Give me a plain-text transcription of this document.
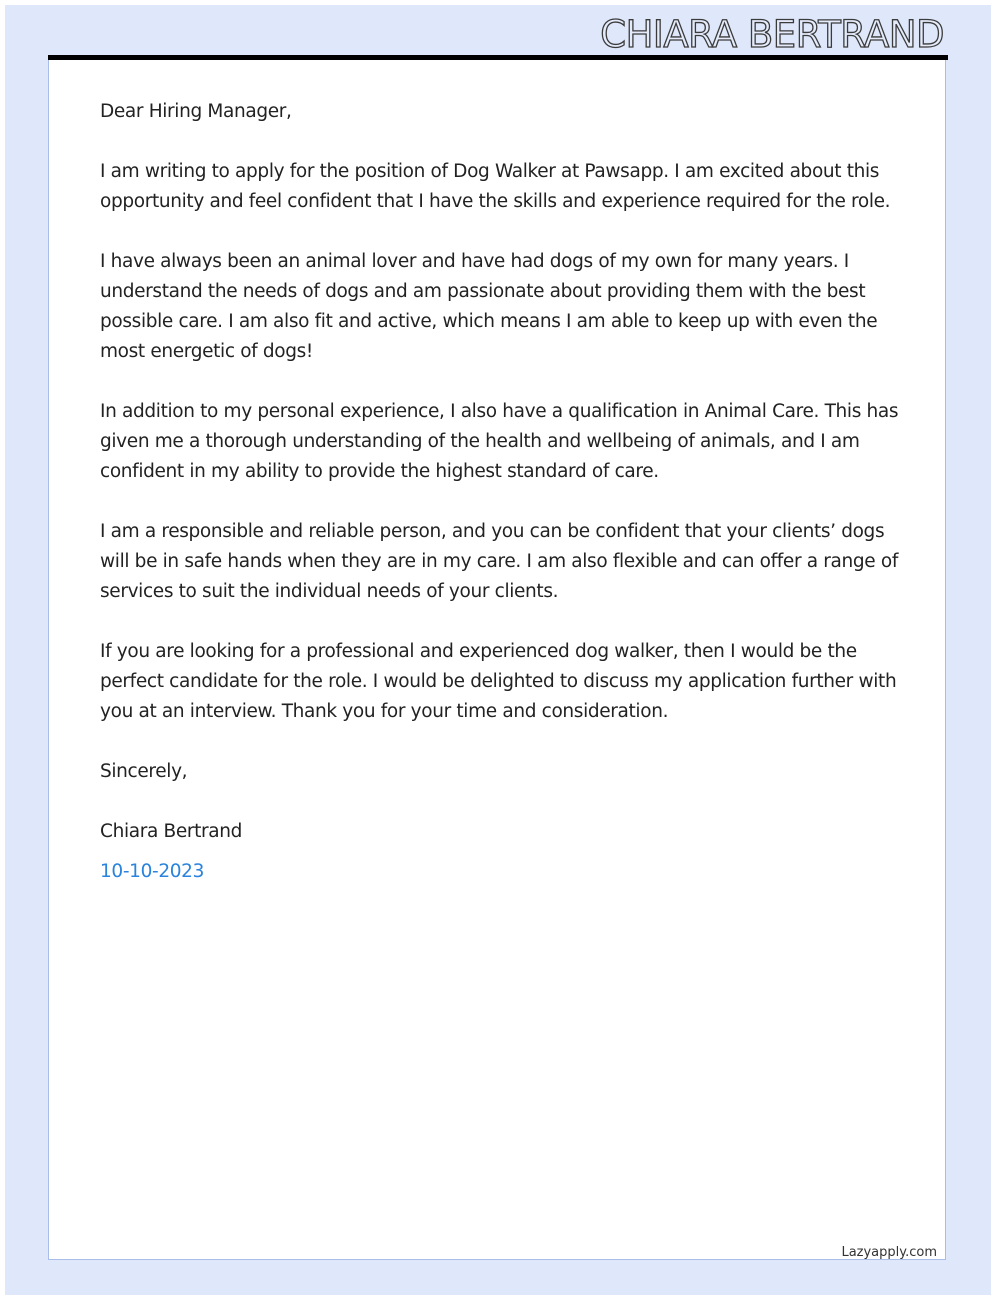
CHIARA BERTRAND

Dear Hiring Manager,

I am writing to apply for the position of Dog Walker at Pawsapp. I am excited about this opportunity and feel confident that I have the skills and experience required for the role.

I have always been an animal lover and have had dogs of my own for many years. I understand the needs of dogs and am passionate about providing them with the best possible care. I am also fit and active, which means I am able to keep up with even the most energetic of dogs!

In addition to my personal experience, I also have a qualification in Animal Care. This has given me a thorough understanding of the health and wellbeing of animals, and I am confident in my ability to provide the highest standard of care.

I am a responsible and reliable person, and you can be confident that your clients’ dogs will be in safe hands when they are in my care. I am also flexible and can offer a range of services to suit the individual needs of your clients.

If you are looking for a professional and experienced dog walker, then I would be the perfect candidate for the role. I would be delighted to discuss my application further with you at an interview. Thank you for your time and consideration.

Sincerely,

Chiara Bertrand

10-10-2023

Lazyapply.com
